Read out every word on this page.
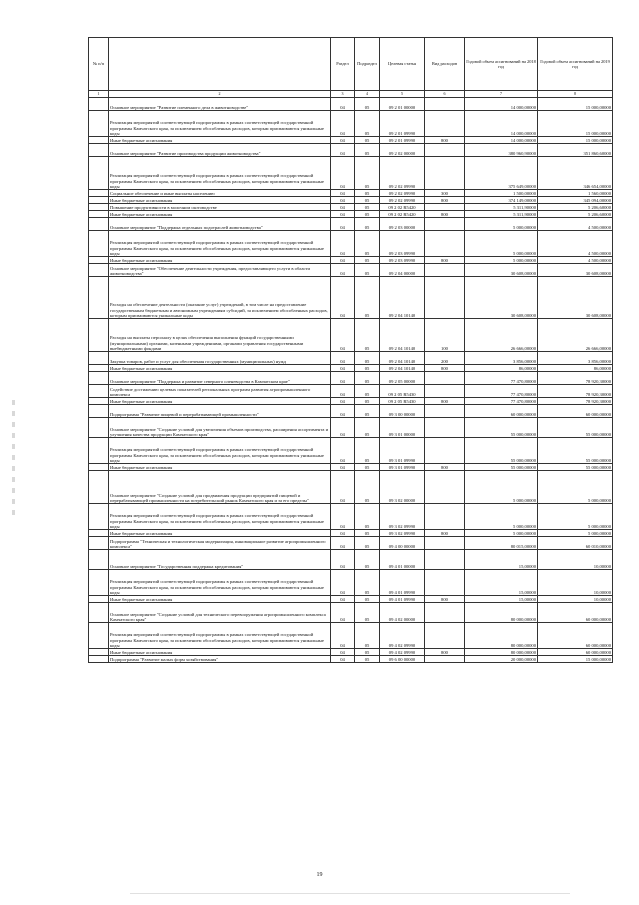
№ п/п		Раздел	Подраздел	Целевая статья	Вид расходов	Годовой объем ассигнований на 2018 год	Годовой объем ассигнований на 2019 год
1	2	3	4	5	6	7	8
	Основное мероприятие "Развитие племенного дела в животноводстве"	04	05	09 2 01 00000		14 000,00000	15 000,00000
	Реализация мероприятий соответствующей подпрограммы в рамках соответствующей государственной программы Камчатского края, за исключением обособленных расходов, которым присваиваются уникальные коды	04	05	09 2 01 09990		14 000,00000	15 000,00000
	Иные бюджетные ассигнования	04	05	09 2 01 09990	800	14 000,00000	15 000,00000
	Основное мероприятие "Развитие производства продукции животноводства"	04	05	09 2 02 00000		380 960,90000	351 860,60000
	Реализация мероприятий соответствующей подпрограммы в рамках соответствующей государственной программы Камчатского края, за исключением обособленных расходов, которым присваиваются уникальные коды	04	05	09 2 02 09990		375 649,00000	346 654,00000
	Социальное обеспечение и иные выплаты населению	04	05	09 2 02 09990	300	1 500,00000	1 560,00000
	Иные бюджетные ассигнования	04	05	09 2 02 09990	800	374 149,00000	345 094,00000
	Повышение продуктивности в молочном скотоводстве	04	05	09 2 02 R5420		5 311,90000	5 206,60000
	Иные бюджетные ассигнования	04	05	09 2 02 R5420	800	5 311,90000	5 206,60000
	Основное мероприятие "Поддержка отдельных подотраслей животноводства"	04	05	09 2 03 00000		5 000,00000	4 500,00000
	Реализация мероприятий соответствующей подпрограммы в рамках соответствующей государственной программы Камчатского края, за исключением обособленных расходов, которым присваиваются уникальные коды	04	05	09 2 03 09990		5 000,00000	4 500,00000
	Иные бюджетные ассигнования	04	05	09 2 03 09990	800	5 000,00000	4 500,00000
	Основное мероприятие "Обеспечение деятельности учреждения, предоставляющего услуги в области животноводства"	04	05	09 2 04 00000		30 608,00000	30 608,00000
	Расходы на обеспечение деятельности (оказание услуг) учреждений, в том числе на предоставление государственным бюджетным и автономным учреждениям субсидий, за исключением обособленных расходов, которым присваиваются уникальные коды	04	05	09 2 04 10140		30 608,00000	30 608,00000
	Расходы на выплаты персоналу в целях обеспечения выполнения функций государственными (муниципальными) органами, казенными учреждениями, органами управления государственными внебюджетными фондами	04	05	09 2 04 10140	100	26 666,00000	26 666,00000
	Закупка товаров, работ и услуг для обеспечения государственных (муниципальных) нужд	04	05	09 2 04 10140	200	3 856,00000	3 856,00000
	Иные бюджетные ассигнования	04	05	09 2 04 10140	800	86,00000	86,00000
	Основное мероприятие "Поддержка и развитие северного оленеводства в Камчатском крае"	04	05	09 2 05 00000		77 470,80000	78 920,30000
	Содействие достижению целевых показателей региональных программ развития агропромышленного комплекса	04	05	09 2 05 R5430		77 470,80000	78 920,30000
	Иные бюджетные ассигнования	04	05	09 2 05 R5430	800	77 470,80000	78 920,30000
	Подпрограмма "Развитие пищевой и перерабатывающей промышленности"	04	05	09 3 00 00000		60 000,00000	60 000,00000
	Основное мероприятие "Создание условий для увеличения объемов производства, расширения ассортимента и улучшения качества продукции Камчатского края"	04	05	09 3 01 00000		55 000,00000	55 000,00000
	Реализация мероприятий соответствующей подпрограммы в рамках соответствующей государственной программы Камчатского края, за исключением обособленных расходов, которым присваиваются уникальные коды	04	05	09 3 01 09990		55 000,00000	55 000,00000
	Иные бюджетные ассигнования	04	05	09 3 01 09990	800	55 000,00000	55 000,00000
	Основное мероприятие "Создание условий для продвижения продукции предприятий пищевой и перерабатывающей промышленности на потребительский рынок Камчатского края и за его пределы"	04	05	09 3 02 00000		5 000,00000	5 000,00000
	Реализация мероприятий соответствующей подпрограммы в рамках соответствующей государственной программы Камчатского края, за исключением обособленных расходов, которым присваиваются уникальные коды	04	05	09 3 02 09990		5 000,00000	5 000,00000
	Иные бюджетные ассигнования	04	05	09 3 02 09990	800	5 000,00000	5 000,00000
	Подпрограмма "Техническая и технологическая модернизация, инновационное развитие агропромышленного комплекса"	04	05	09 4 00 00000		80 015,00000	60 010,00000
	Основное мероприятие "Государственная поддержка кредитования"	04	05	09 4 01 00000		15,00000	10,00000
	Реализация мероприятий соответствующей подпрограммы в рамках соответствующей государственной программы Камчатского края, за исключением обособленных расходов, которым присваиваются уникальные коды	04	05	09 4 01 09990		15,00000	10,00000
	Иные бюджетные ассигнования	04	05	09 4 01 09990	800	15,00000	10,00000
	Основное мероприятие "Создание условий для технического перевооружения агропромышленного комплекса Камчатского края"	04	05	09 4 02 00000		80 000,00000	60 000,00000
	Реализация мероприятий соответствующей подпрограммы в рамках соответствующей государственной программы Камчатского края, за исключением обособленных расходов, которым присваиваются уникальные коды	04	05	09 4 02 09990		80 000,00000	60 000,00000
	Иные бюджетные ассигнования	04	05	09 4 02 09990	800	80 000,00000	60 000,00000
	Подпрограмма "Развитие малых форм хозяйствования"	04	05	09 6 00 00000		20 000,00000	15 000,00000
19
